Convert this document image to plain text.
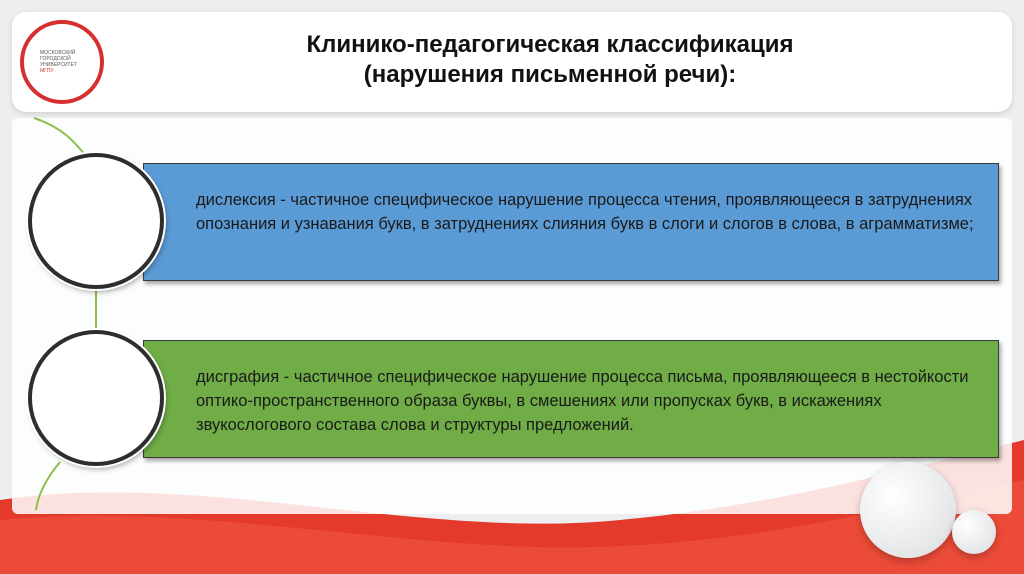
МОСКОВСКИЙ
ГОРОДСКОЙ
УНИВЕРСИТЕТ
МГПУ
Клинико-педагогическая классификация
(нарушения письменной речи):
дислексия - частичное специфическое нарушение процесса чтения, проявляющееся в затруднениях опознания и узнавания букв, в затруднениях слияния букв в слоги и слогов в слова, в аграмматизме;
дисграфия - частичное специфическое нарушение процесса письма, проявляющееся в нестойкости оптико-пространственного образа буквы, в смешениях или пропусках букв, в искажениях звукослогового состава слова и структуры предложений.
